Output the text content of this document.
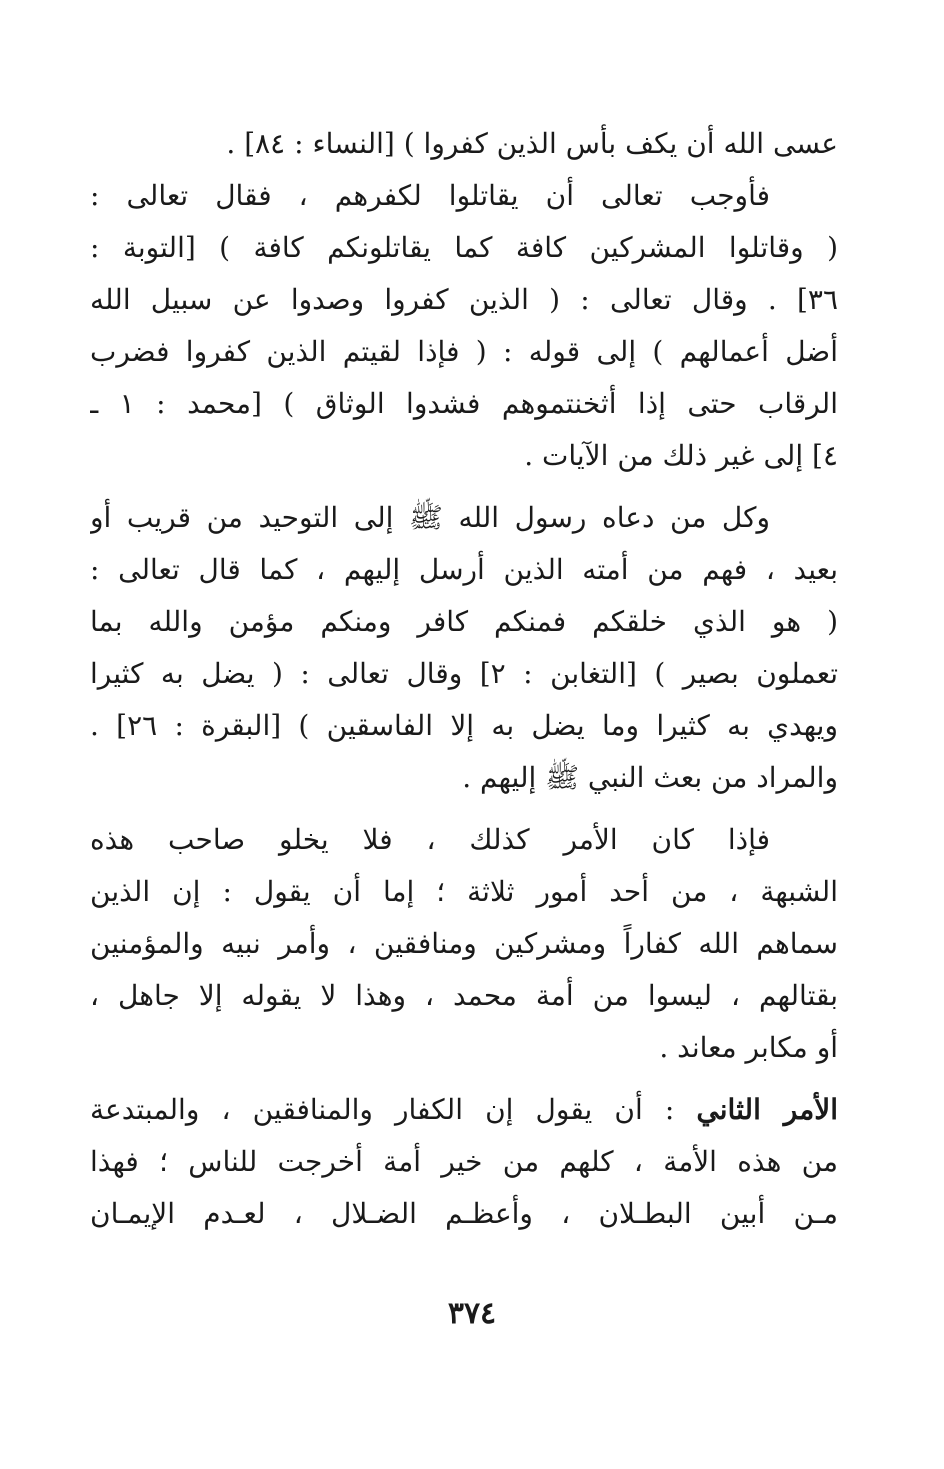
عسى الله أن يكف بأس الذين كفروا ) [النساء : ٨٤] .
فأوجب تعالى أن يقاتلوا لكفرهم ، فقال تعالى :
( وقاتلوا المشركين كافة كما يقاتلونكم كافة ) [التوبة :
٣٦] . وقال تعالى : ( الذين كفروا وصدوا عن سبيل الله
أضل أعمالهم ) إلى قوله : ( فإذا لقيتم الذين كفروا فضرب
الرقاب حتى إذا أثخنتموهم فشدوا الوثاق ) [محمد : ١ ـ
٤] إلى غير ذلك من الآيات .
وكل من دعاه رسول الله ﷺ إلى التوحيد من قريب أو
بعيد ، فهم من أمته الذين أرسل إليهم ، كما قال تعالى :
( هو الذي خلقكم فمنكم كافر ومنكم مؤمن والله بما
تعملون بصير ) [التغابن : ٢] وقال تعالى : ( يضل به كثيرا
ويهدي به كثيرا وما يضل به إلا الفاسقين ) [البقرة : ٢٦] .
والمراد من بعث النبي ﷺ إليهم .
فإذا كان الأمر كذلك ، فلا يخلو صاحب هذه
الشبهة ، من أحد أمور ثلاثة ؛ إما أن يقول : إن الذين
سماهم الله كفاراً ومشركين ومنافقين ، وأمر نبيه والمؤمنين
بقتالهم ، ليسوا من أمة محمد ، وهذا لا يقوله إلا جاهل ،
أو مكابر معاند .
الأمر الثاني : أن يقول إن الكفار والمنافقين ، والمبتدعة
من هذه الأمة ، كلهم من خير أمة أخرجت للناس ؛ فهذا
مـن أبين البطـلان ، وأعظـم الضـلال ، لعـدم الإيمـان
٣٧٤
